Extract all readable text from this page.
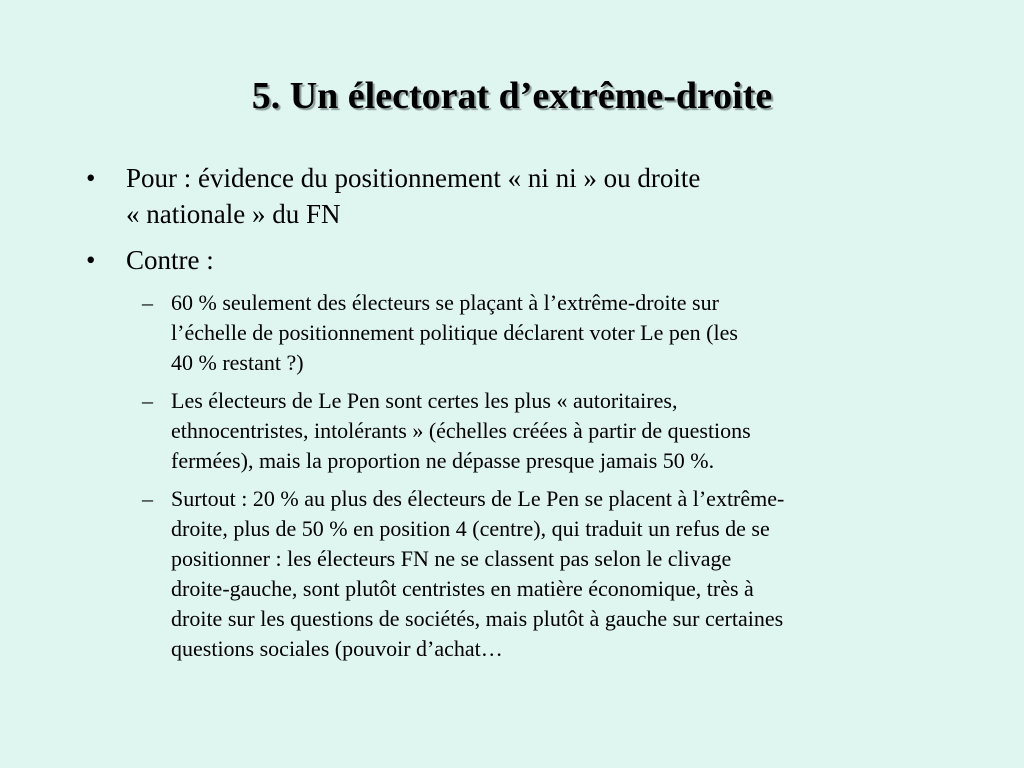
5. Un électorat d’extrême-droite
•	Pour : évidence du positionnement « ni ni » ou droite
« nationale » du FN
•	Contre :
– 60 % seulement des électeurs se plaçant à l’extrême-droite sur
l’échelle de positionnement politique déclarent voter Le pen (les
40 % restant ?)
– Les électeurs de Le Pen sont certes les plus « autoritaires,
ethnocentristes, intolérants » (échelles créées à partir de questions
fermées), mais la proportion ne dépasse presque jamais 50 %.
– Surtout : 20 % au plus des électeurs de Le Pen se placent à l’extrême-
droite, plus de 50 % en position 4 (centre), qui traduit un refus de se
positionner : les électeurs FN ne se classent pas selon le clivage
droite-gauche, sont plutôt centristes en matière économique, très à
droite sur les questions de sociétés, mais plutôt à gauche sur certaines
questions sociales (pouvoir d’achat…
